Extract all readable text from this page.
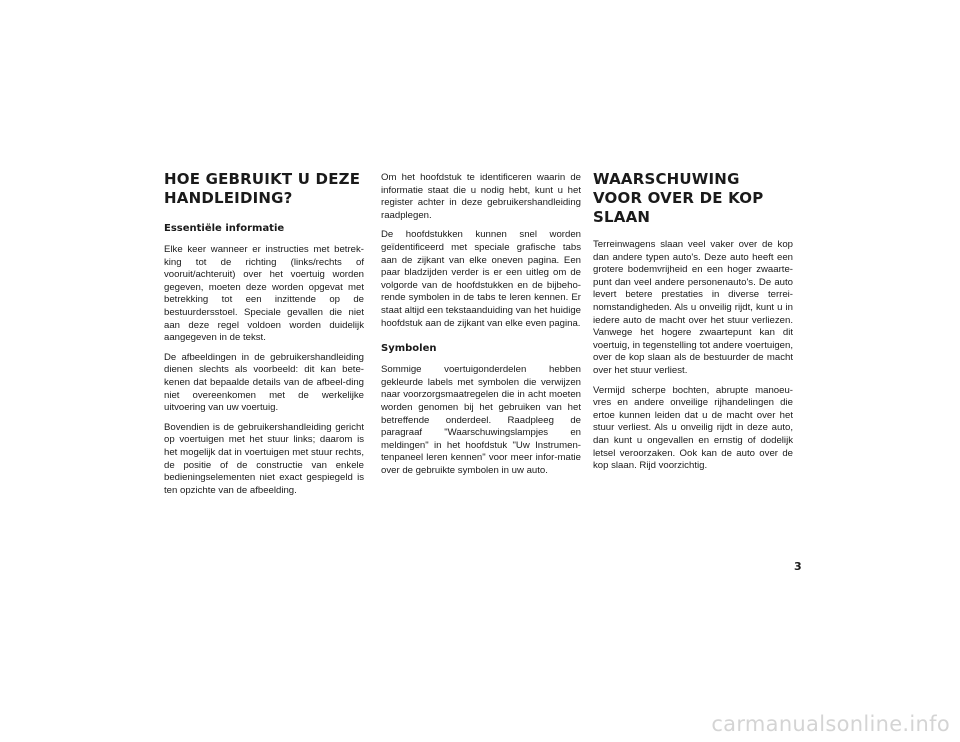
HOE GEBRUIKT U DEZE HANDLEIDING?
Essentiële informatie

Elke keer wanneer er instructies met betrek-king tot de richting (links/rechts of vooruit/achteruit) over het voertuig worden gegeven, moeten deze worden opgevat met betrekking tot een inzittende op de bestuurdersstoel. Speciale gevallen die niet aan deze regel voldoen worden duidelijk aangegeven in de tekst.

De afbeeldingen in de gebruikershandleiding dienen slechts als voorbeeld: dit kan bete-kenen dat bepaalde details van de afbeel-ding niet overeenkomen met de werkelijke uitvoering van uw voertuig.

Bovendien is de gebruikershandleiding gericht op voertuigen met het stuur links; daarom is het mogelijk dat in voertuigen met stuur rechts, de positie of de constructie van enkele bedieningselementen niet exact gespiegeld is ten opzichte van de afbeelding.

Om het hoofdstuk te identificeren waarin de informatie staat die u nodig hebt, kunt u het register achter in deze gebruikershandleiding raadplegen.

De hoofdstukken kunnen snel worden geïdentificeerd met speciale grafische tabs aan de zijkant van elke oneven pagina. Een paar bladzijden verder is er een uitleg om de volgorde van de hoofdstukken en de bijbeho-rende symbolen in de tabs te leren kennen. Er staat altijd een tekstaanduiding van het huidige hoofdstuk aan de zijkant van elke even pagina.

Symbolen

Sommige voertuigonderdelen hebben gekleurde labels met symbolen die verwijzen naar voorzorgsmaatregelen die in acht moeten worden genomen bij het gebruiken van het betreffende onderdeel. Raadpleeg de paragraaf "Waarschuwingslampjes en meldingen" in het hoofdstuk "Uw Instrumen-tenpaneel leren kennen" voor meer infor-matie over de gebruikte symbolen in uw auto.

WAARSCHUWING VOOR OVER DE KOP SLAAN

Terreinwagens slaan veel vaker over de kop dan andere typen auto's. Deze auto heeft een grotere bodemvrijheid en een hoger zwaarte-punt dan veel andere personenauto's. De auto levert betere prestaties in diverse terrei-nomstandigheden. Als u onveilig rijdt, kunt u in iedere auto de macht over het stuur verliezen. Vanwege het hogere zwaartepunt kan dit voertuig, in tegenstelling tot andere voertuigen, over de kop slaan als de bestuurder de macht over het stuur verliest.

Vermijd scherpe bochten, abrupte manoeu-vres en andere onveilige rijhandelingen die ertoe kunnen leiden dat u de macht over het stuur verliest. Als u onveilig rijdt in deze auto, dan kunt u ongevallen en ernstig of dodelijk letsel veroorzaken. Ook kan de auto over de kop slaan. Rijd voorzichtig.

3
carmanualsonline.info
